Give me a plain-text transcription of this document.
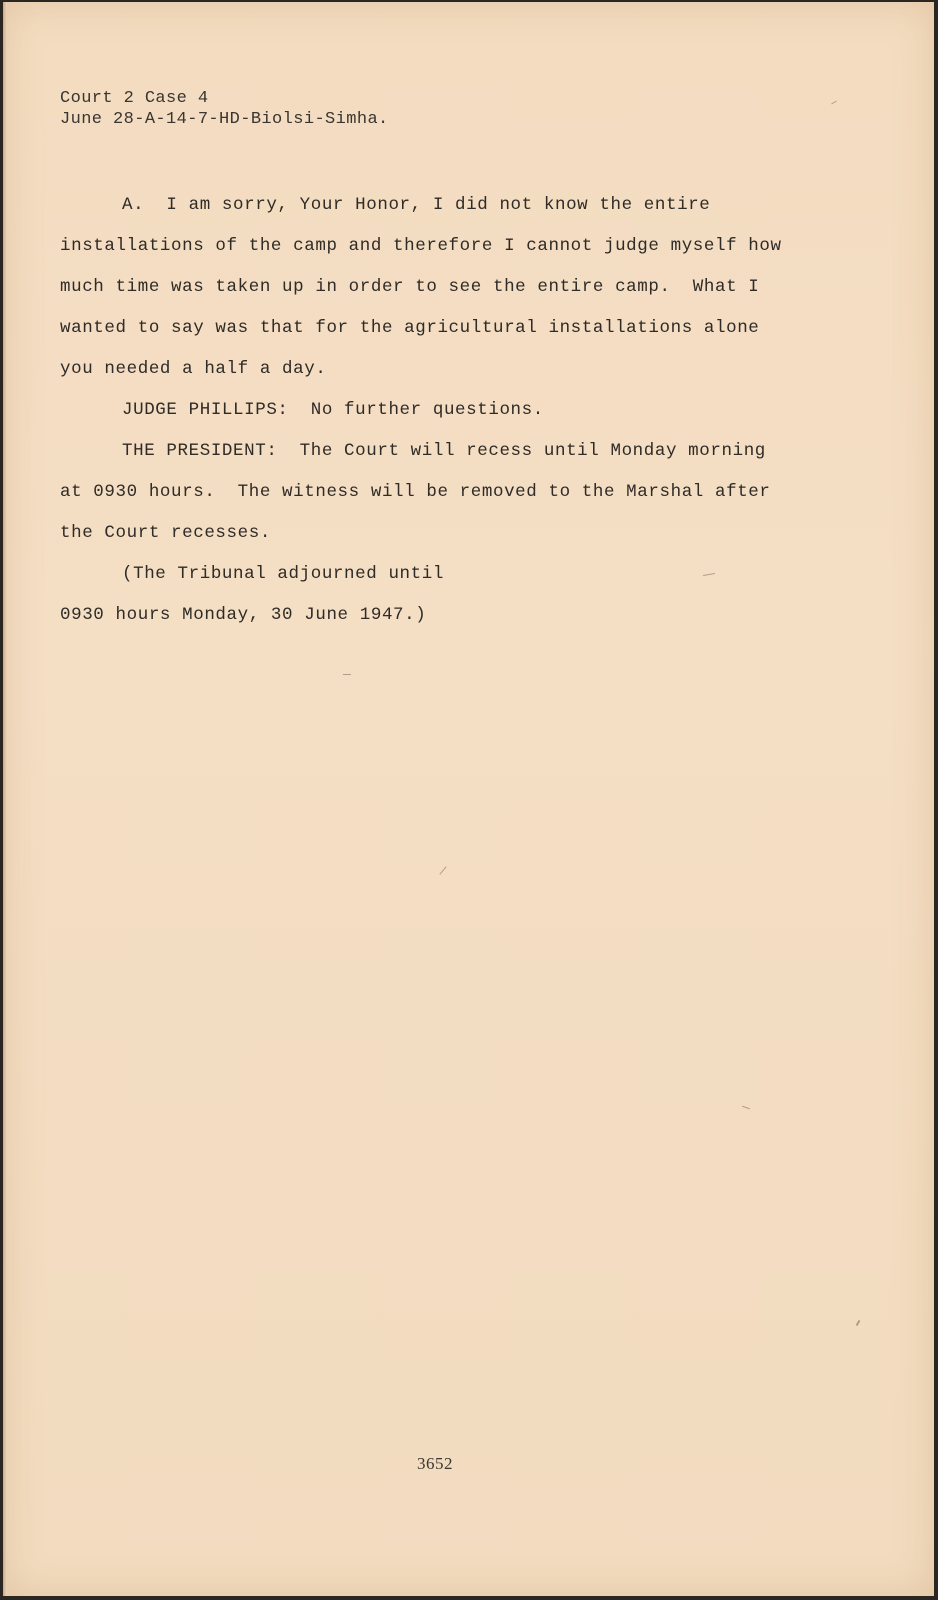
Court 2 Case 4
June 28-A-14-7-HD-Biolsi-Simha.

A.  I am sorry, Your Honor, I did not know the entire installations of the camp and therefore I cannot judge myself how much time was taken up in order to see the entire camp.  What I wanted to say was that for the agricultural installations alone you needed a half a day.

JUDGE PHILLIPS:  No further questions.

THE PRESIDENT:  The Court will recess until Monday morning at 0930 hours.  The witness will be removed to the Marshal after the Court recesses.

(The Tribunal adjourned until 0930 hours Monday, 30 June 1947.)

3652
